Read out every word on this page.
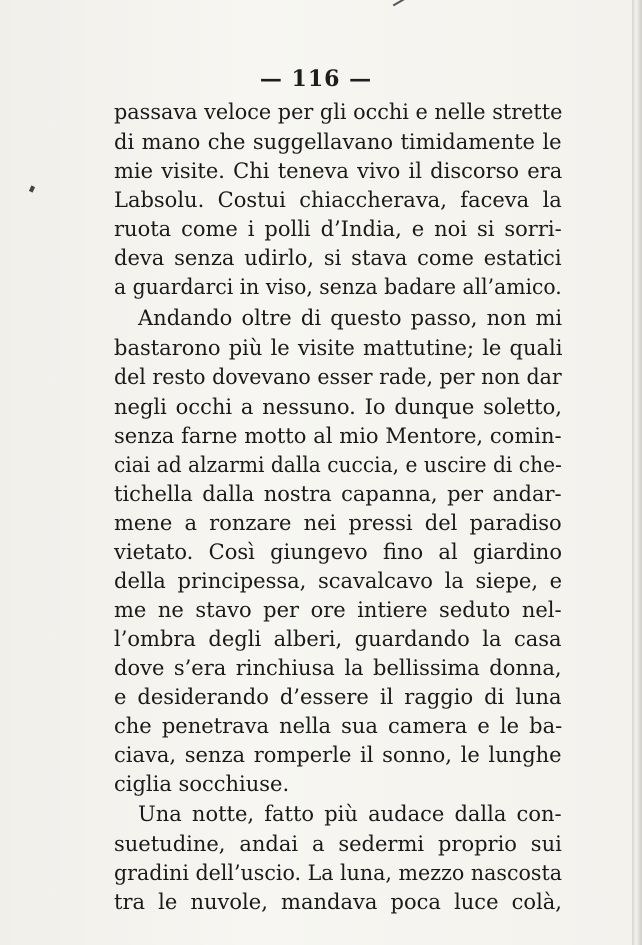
— 116 —
passava veloce per gli occhi e nelle strette
di mano che suggellavano timidamente le
mie visite. Chi teneva vivo il discorso era
Labsolu. Costui chiaccherava, faceva la
ruota come i polli d’India, e noi si sorri-
deva senza udirlo, si stava come estatici
a guardarci in viso, senza badare all’amico.
Andando oltre di questo passo, non mi
bastarono più le visite mattutine; le quali
del resto dovevano esser rade, per non dar
negli occhi a nessuno. Io dunque soletto,
senza farne motto al mio Mentore, comin-
ciai ad alzarmi dalla cuccia, e uscire di che-
tichella dalla nostra capanna, per andar-
mene a ronzare nei pressi del paradiso
vietato. Così giungevo fino al giardino
della principessa, scavalcavo la siepe, e
me ne stavo per ore intiere seduto nel-
l’ombra degli alberi, guardando la casa
dove s’era rinchiusa la bellissima donna,
e desiderando d’essere il raggio di luna
che penetrava nella sua camera e le ba-
ciava, senza romperle il sonno, le lunghe
ciglia socchiuse.
Una notte, fatto più audace dalla con-
suetudine, andai a sedermi proprio sui
gradini dell’uscio. La luna, mezzo nascosta
tra le nuvole, mandava poca luce colà,
